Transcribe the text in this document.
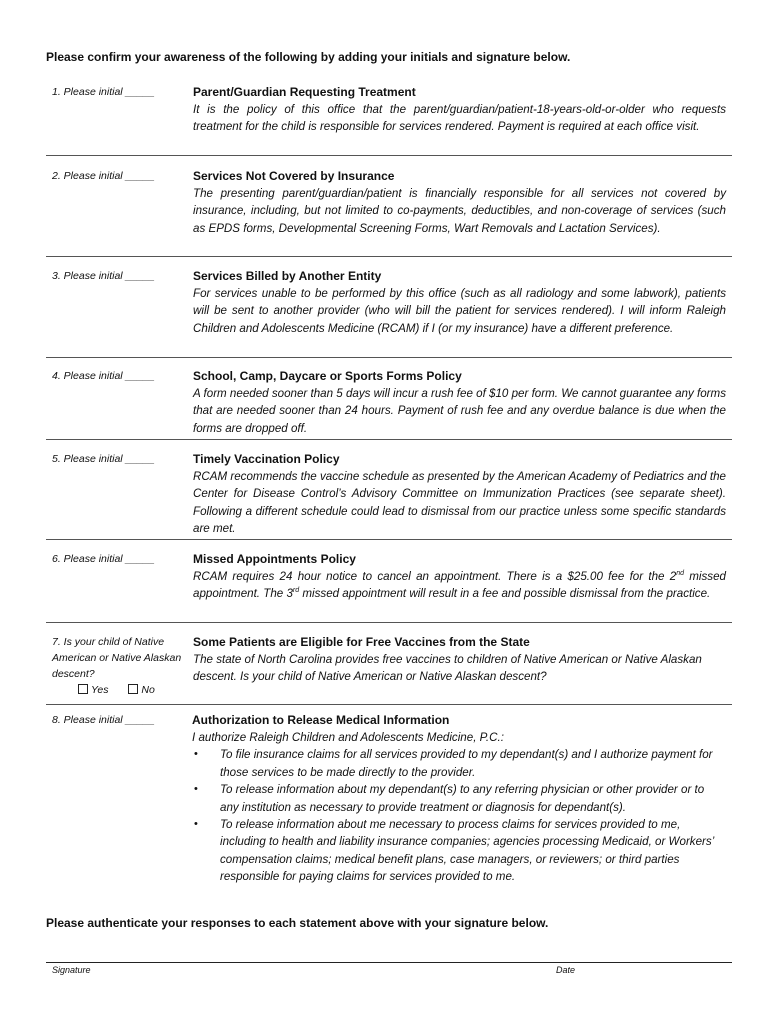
Please confirm your awareness of the following by adding your initials and signature below.
1. Please initial _____	Parent/Guardian Requesting Treatment
It is the policy of this office that the parent/guardian/patient-18-years-old-or-older who requests treatment for the child is responsible for services rendered. Payment is required at each office visit.
2. Please initial _____	Services Not Covered by Insurance
The presenting parent/guardian/patient is financially responsible for all services not covered by insurance, including, but not limited to co-payments, deductibles, and non-coverage of services (such as EPDS forms, Developmental Screening Forms, Wart Removals and Lactation Services).
3. Please initial _____	Services Billed by Another Entity
For services unable to be performed by this office (such as all radiology and some labwork), patients will be sent to another provider (who will bill the patient for services rendered). I will inform Raleigh Children and Adolescents Medicine (RCAM) if I (or my insurance) have a different preference.
4. Please initial _____	School, Camp, Daycare or Sports Forms Policy
A form needed sooner than 5 days will incur a rush fee of $10 per form. We cannot guarantee any forms that are needed sooner than 24 hours. Payment of rush fee and any overdue balance is due when the forms are dropped off.
5. Please initial _____	Timely Vaccination Policy
RCAM recommends the vaccine schedule as presented by the American Academy of Pediatrics and the Center for Disease Control’s Advisory Committee on Immunization Practices (see separate sheet). Following a different schedule could lead to dismissal from our practice unless some specific standards are met.
6. Please initial _____	Missed Appointments Policy
RCAM requires 24 hour notice to cancel an appointment. There is a $25.00 fee for the 2nd missed appointment. The 3rd missed appointment will result in a fee and possible dismissal from the practice.
7. Is your child of Native American or Native Alaskan descent?
Yes	No
Some Patients are Eligible for Free Vaccines from the State
The state of North Carolina provides free vaccines to children of Native American or Native Alaskan descent. Is your child of Native American or Native Alaskan descent?
8. Please initial _____	Authorization to Release Medical Information
I authorize Raleigh Children and Adolescents Medicine, P.C.:
• To file insurance claims for all services provided to my dependant(s) and I authorize payment for those services to be made directly to the provider.
• To release information about my dependant(s) to any referring physician or other provider or to any institution as necessary to provide treatment or diagnosis for dependant(s).
• To release information about me necessary to process claims for services provided to me, including to health and liability insurance companies; agencies processing Medicaid, or Workers’ compensation claims; medical benefit plans, case managers, or reviewers; or third parties responsible for paying claims for services provided to me.
Please authenticate your responses to each statement above with your signature below.
Signature	Date
